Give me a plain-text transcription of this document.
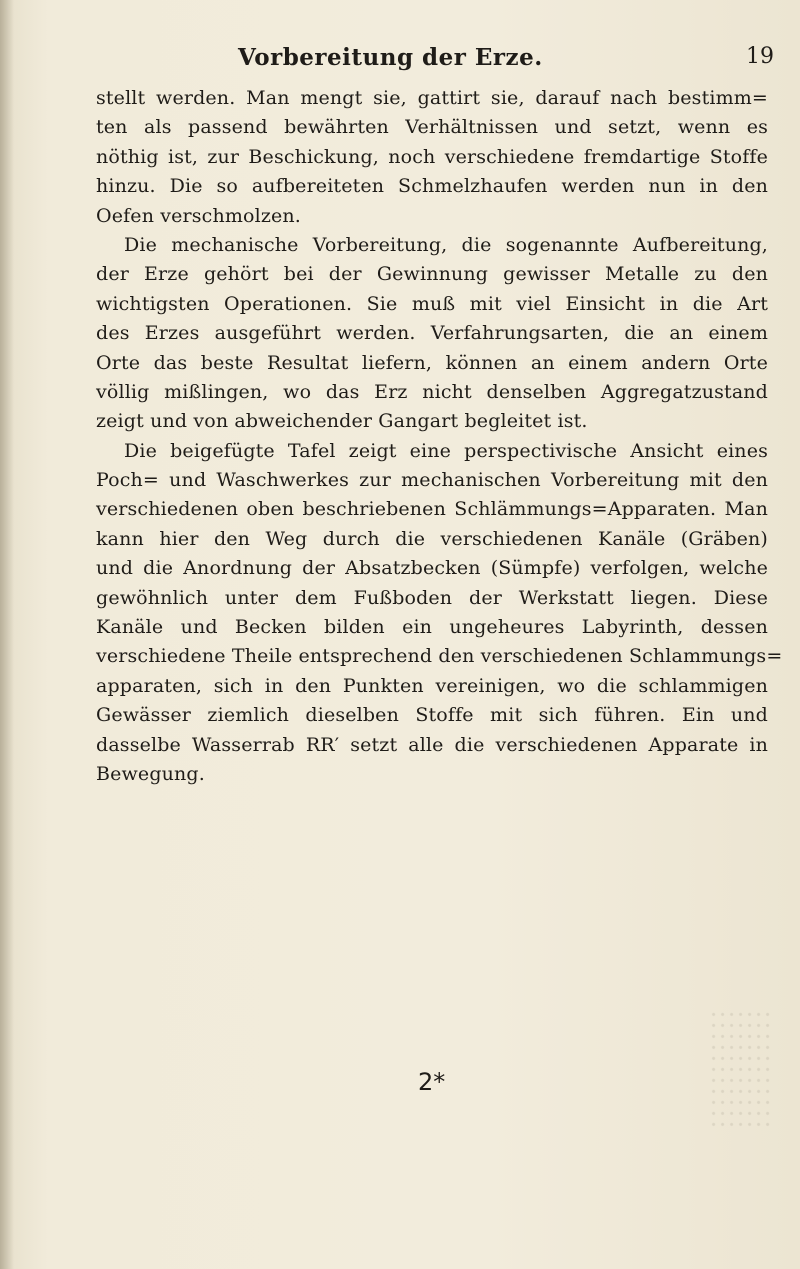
Vorbereitung der Erze.	19
stellt werden. Man mengt sie, gattirt sie, darauf nach bestimm=
ten als passend bewährten Verhältnissen und setzt, wenn es
nöthig ist, zur Beschickung, noch verschiedene fremdartige Stoffe
hinzu. Die so aufbereiteten Schmelzhaufen werden nun in den
Oefen verschmolzen.
Die mechanische Vorbereitung, die sogenannte Aufbereitung,
der Erze gehört bei der Gewinnung gewisser Metalle zu den
wichtigsten Operationen. Sie muß mit viel Einsicht in die Art
des Erzes ausgeführt werden. Verfahrungsarten, die an einem
Orte das beste Resultat liefern, können an einem andern Orte
völlig mißlingen, wo das Erz nicht denselben Aggregatzustand
zeigt und von abweichender Gangart begleitet ist.
Die beigefügte Tafel zeigt eine perspectivische Ansicht eines
Poch= und Waschwerkes zur mechanischen Vorbereitung mit den
verschiedenen oben beschriebenen Schlämmungs=Apparaten. Man
kann hier den Weg durch die verschiedenen Kanäle (Gräben)
und die Anordnung der Absatzbecken (Sümpfe) verfolgen, welche
gewöhnlich unter dem Fußboden der Werkstatt liegen. Diese
Kanäle und Becken bilden ein ungeheures Labyrinth, dessen
verschiedene Theile entsprechend den verschiedenen Schlammungs=
apparaten, sich in den Punkten vereinigen, wo die schlammigen
Gewässer ziemlich dieselben Stoffe mit sich führen. Ein und
dasselbe Wasserrab RR′ setzt alle die verschiedenen Apparate in
Bewegung.
2*
